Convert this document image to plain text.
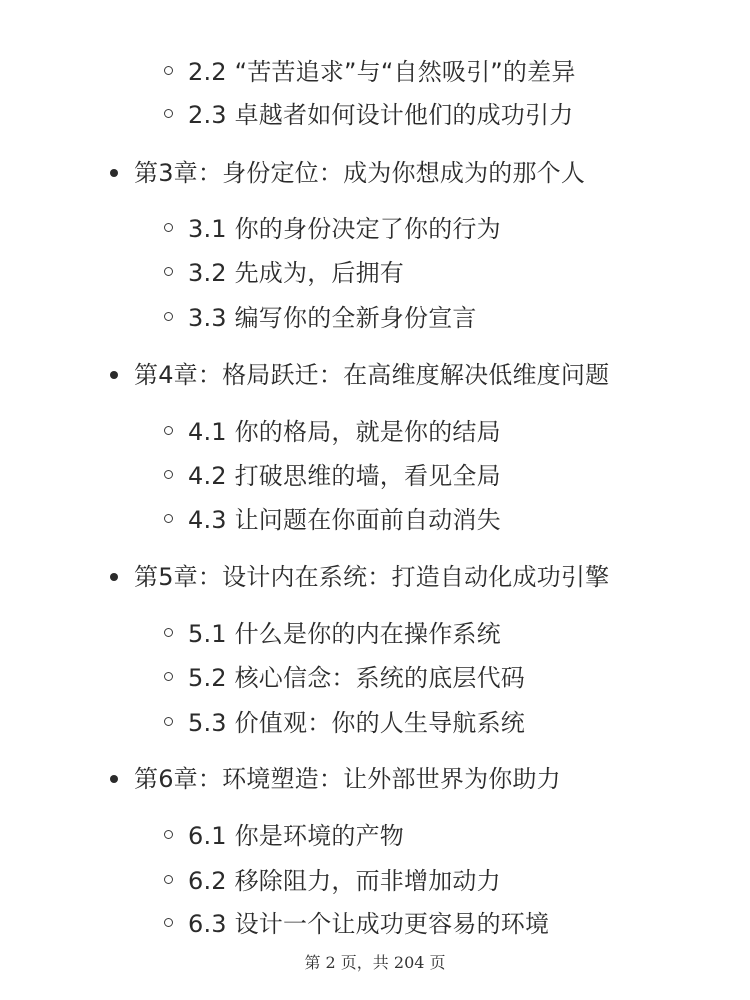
2.2 “苦苦追求”与“自然吸引”的差异
2.3 卓越者如何设计他们的成功引力
第3章：身份定位：成为你想成为的那个人
3.1 你的身份决定了你的行为
3.2 先成为，后拥有
3.3 编写你的全新身份宣言
第4章：格局跃迁：在高维度解决低维度问题
4.1 你的格局，就是你的结局
4.2 打破思维的墙，看见全局
4.3 让问题在你面前自动消失
第5章：设计内在系统：打造自动化成功引擎
5.1 什么是你的内在操作系统
5.2 核心信念：系统的底层代码
5.3 价值观：你的人生导航系统
第6章：环境塑造：让外部世界为你助力
6.1 你是环境的产物
6.2 移除阻力，而非增加动力
6.3 设计一个让成功更容易的环境
第 2 页，共 204 页
